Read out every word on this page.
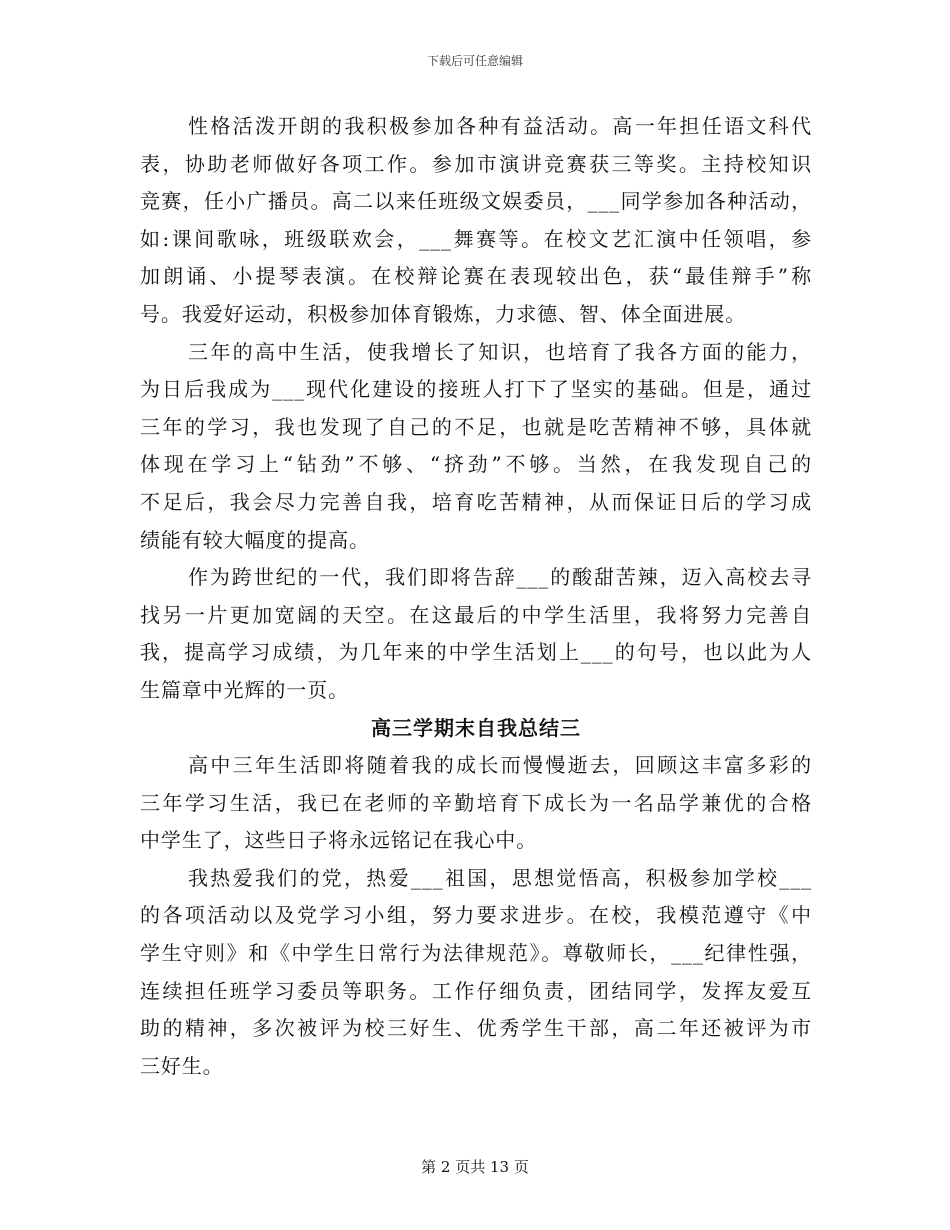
下载后可任意编辑
性格活泼开朗的我积极参加各种有益活动。高一年担任语文科代
表，协助老师做好各项工作。参加市演讲竞赛获三等奖。主持校知识
竞赛，任小广播员。高二以来任班级文娱委员，___同学参加各种活动，
如:课间歌咏，班级联欢会，___舞赛等。在校文艺汇演中任领唱，参
加朗诵、小提琴表演。在校辩论赛在表现较出色，获“最佳辩手”称
号。我爱好运动，积极参加体育锻炼，力求德、智、体全面进展。
三年的高中生活，使我增长了知识，也培育了我各方面的能力，
为日后我成为___现代化建设的接班人打下了坚实的基础。但是，通过
三年的学习，我也发现了自己的不足，也就是吃苦精神不够，具体就
体现在学习上“钻劲”不够、“挤劲”不够。当然，在我发现自己的
不足后，我会尽力完善自我，培育吃苦精神，从而保证日后的学习成
绩能有较大幅度的提高。
作为跨世纪的一代，我们即将告辞___的酸甜苦辣，迈入高校去寻
找另一片更加宽阔的天空。在这最后的中学生活里，我将努力完善自
我，提高学习成绩，为几年来的中学生活划上___的句号，也以此为人
生篇章中光辉的一页。
高三学期末自我总结三
高中三年生活即将随着我的成长而慢慢逝去，回顾这丰富多彩的
三年学习生活，我已在老师的辛勤培育下成长为一名品学兼优的合格
中学生了，这些日子将永远铭记在我心中。
我热爱我们的党，热爱___祖国，思想觉悟高，积极参加学校___
的各项活动以及党学习小组，努力要求进步。在校，我模范遵守《中
学生守则》和《中学生日常行为法律规范》。尊敬师长，___纪律性强，
连续担任班学习委员等职务。工作仔细负责，团结同学，发挥友爱互
助的精神，多次被评为校三好生、优秀学生干部，高二年还被评为市
三好生。
第 2 页共 13 页
